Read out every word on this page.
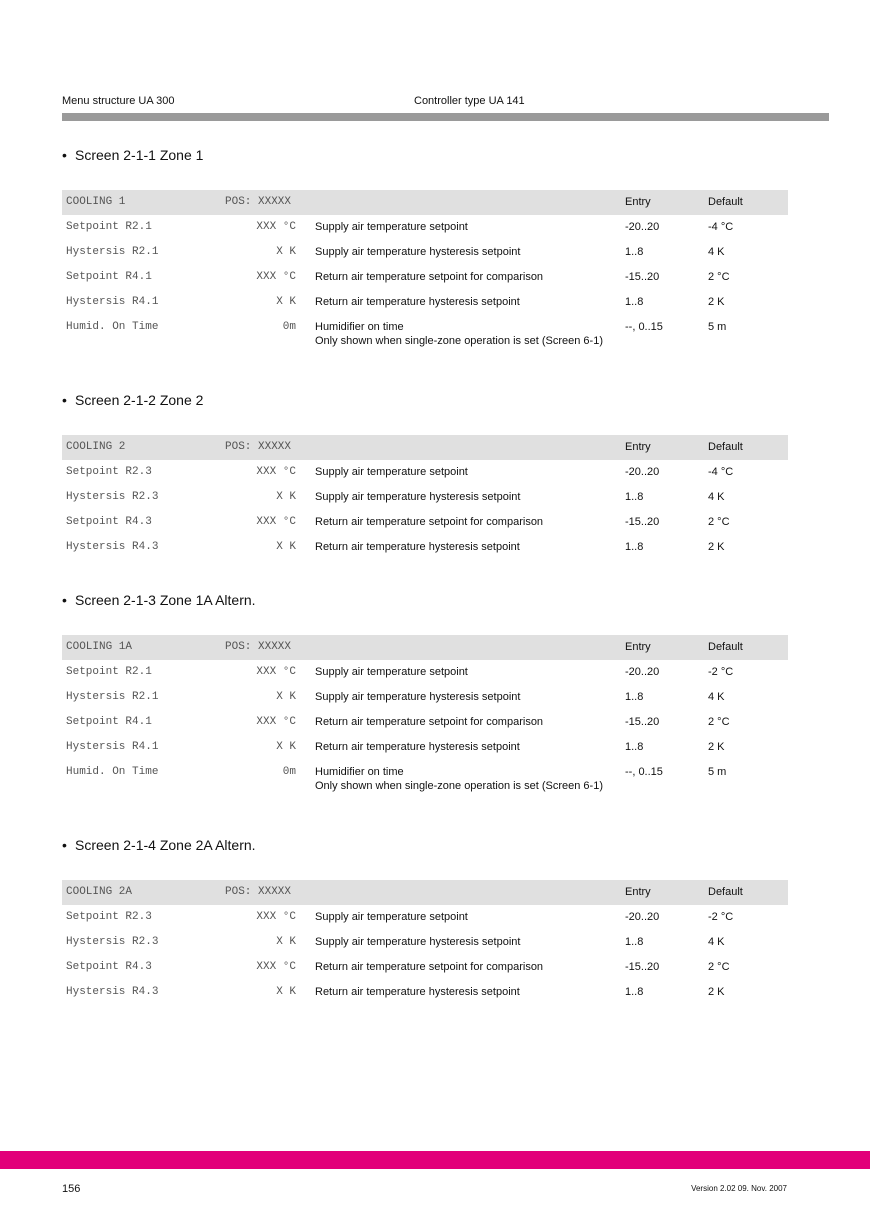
Menu structure UA 300	Controller type UA 141
• Screen 2-1-1 Zone 1
COOLING 1	POS: XXXXX	Entry	Default
Setpoint R2.1	XXX °C Supply air temperature setpoint	-20..20	-4 °C
Hystersis R2.1	X K Supply air temperature hysteresis setpoint	1..8	4 K
Setpoint R4.1	XXX °C Return air temperature setpoint for comparison	-15..20	2 °C
Hystersis R4.1	X K Return air temperature hysteresis setpoint	1..8	2 K
Humid. On Time	0m Humidifier on time	--, 0..15	5 m
Only shown when single-zone operation is set (Screen 6-1)
• Screen 2-1-2 Zone 2
COOLING 2	POS: XXXXX	Entry	Default
Setpoint R2.3	XXX °C Supply air temperature setpoint	-20..20	-4 °C
Hystersis R2.3	X K Supply air temperature hysteresis setpoint	1..8	4 K
Setpoint R4.3	XXX °C Return air temperature setpoint for comparison	-15..20	2 °C
Hystersis R4.3	X K Return air temperature hysteresis setpoint	1..8	2 K
• Screen 2-1-3 Zone 1A Altern.
COOLING 1A	POS: XXXXX	Entry	Default
Setpoint R2.1	XXX °C Supply air temperature setpoint	-20..20	-2 °C
Hystersis R2.1	X K Supply air temperature hysteresis setpoint	1..8	4 K
Setpoint R4.1	XXX °C Return air temperature setpoint for comparison	-15..20	2 °C
Hystersis R4.1	X K Return air temperature hysteresis setpoint	1..8	2 K
Humid. On Time	0m Humidifier on time	--, 0..15	5 m
Only shown when single-zone operation is set (Screen 6-1)
• Screen 2-1-4 Zone 2A Altern.
COOLING 2A	POS: XXXXX	Entry	Default
Setpoint R2.3	XXX °C Supply air temperature setpoint	-20..20	-2 °C
Hystersis R2.3	X K Supply air temperature hysteresis setpoint	1..8	4 K
Setpoint R4.3	XXX °C Return air temperature setpoint for comparison	-15..20	2 °C
Hystersis R4.3	X K Return air temperature hysteresis setpoint	1..8	2 K
156	Version 2.02 09. Nov. 2007
